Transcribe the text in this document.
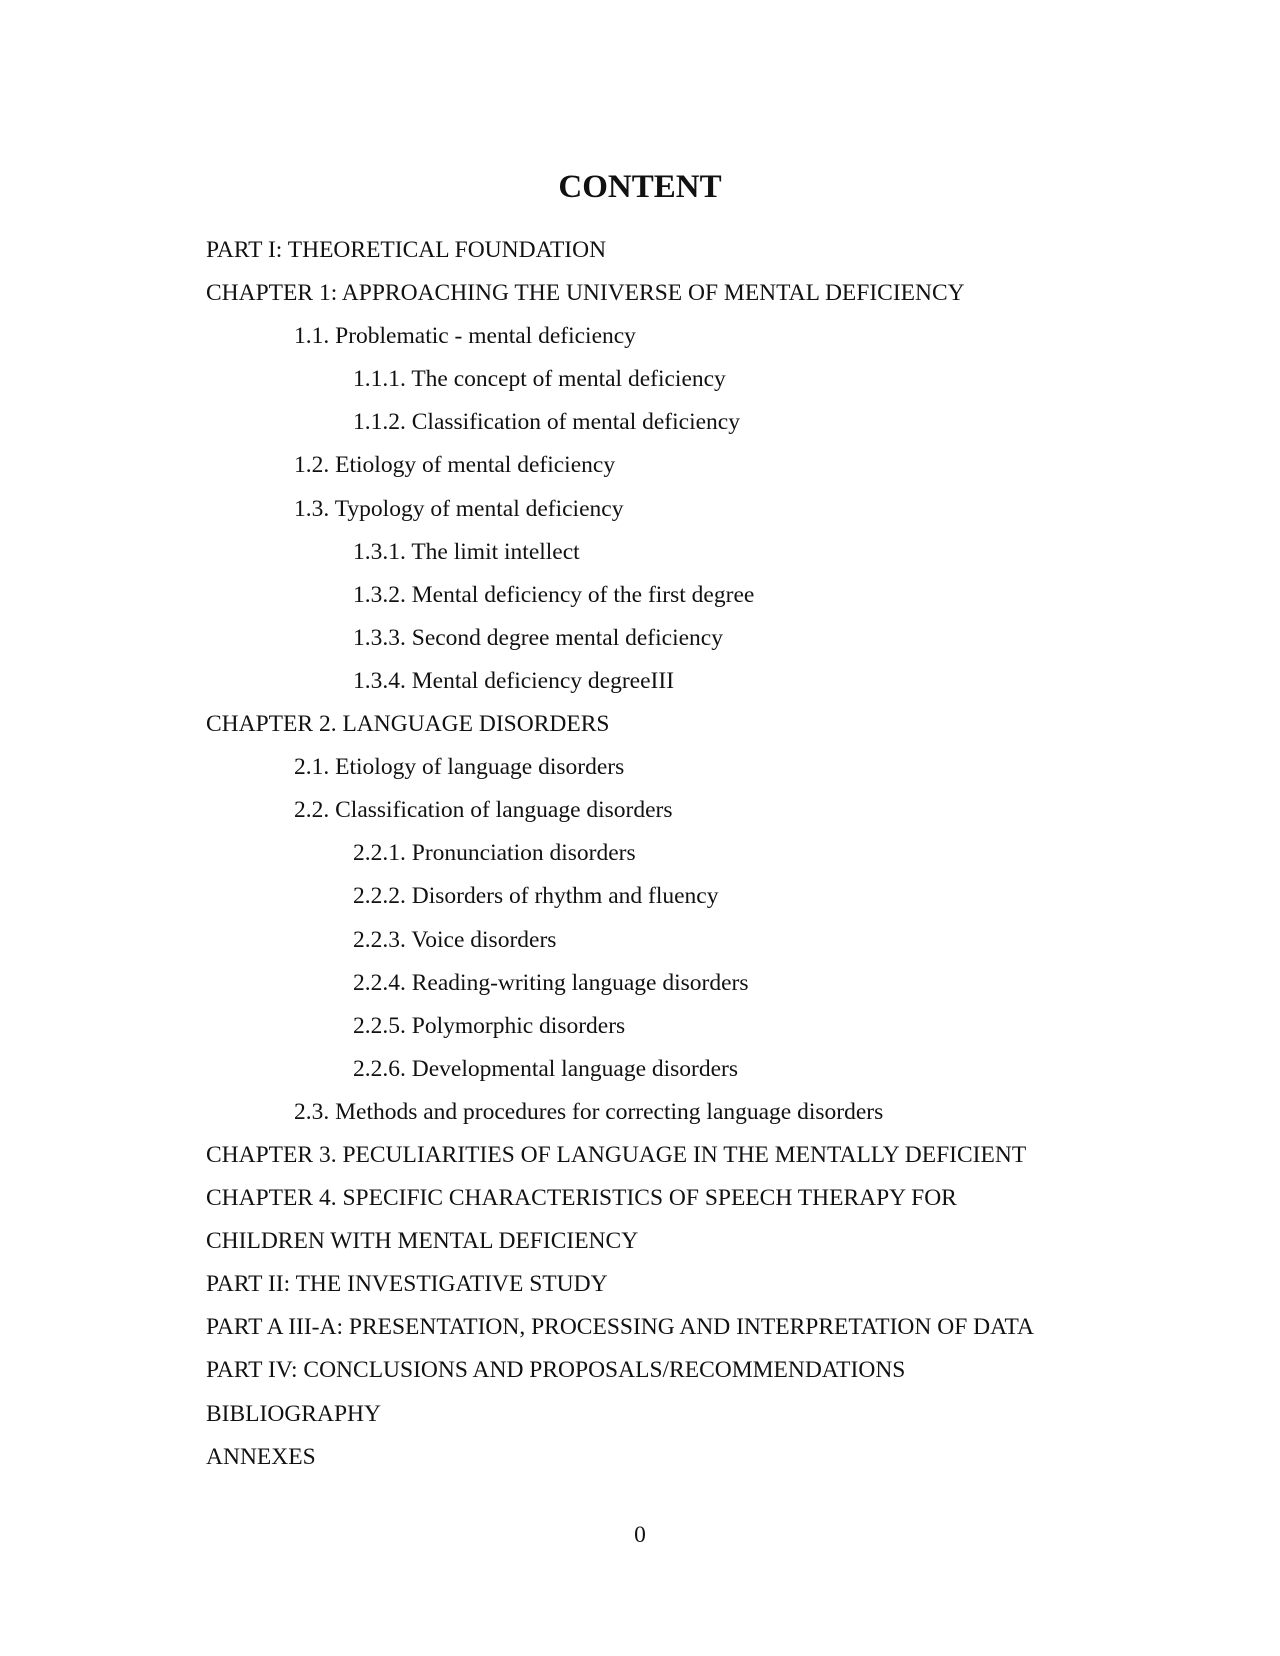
CONTENT
PART I: THEORETICAL FOUNDATION
CHAPTER 1: APPROACHING THE UNIVERSE OF MENTAL DEFICIENCY
1.1. Problematic - mental deficiency
1.1.1. The concept of mental deficiency
1.1.2. Classification of mental deficiency
1.2. Etiology of mental deficiency
1.3. Typology of mental deficiency
1.3.1. The limit intellect
1.3.2. Mental deficiency of the first degree
1.3.3. Second degree mental deficiency
1.3.4. Mental deficiency degreeIII
CHAPTER 2. LANGUAGE DISORDERS
2.1. Etiology of language disorders
2.2. Classification of language disorders
2.2.1. Pronunciation disorders
2.2.2. Disorders of rhythm and fluency
2.2.3. Voice disorders
2.2.4. Reading-writing language disorders
2.2.5. Polymorphic disorders
2.2.6. Developmental language disorders
2.3. Methods and procedures for correcting language disorders
CHAPTER 3. PECULIARITIES OF LANGUAGE IN THE MENTALLY DEFICIENT
CHAPTER 4. SPECIFIC CHARACTERISTICS OF SPEECH THERAPY FOR
CHILDREN WITH MENTAL DEFICIENCY
PART II: THE INVESTIGATIVE STUDY
PART A III-A: PRESENTATION, PROCESSING AND INTERPRETATION OF DATA
PART IV: CONCLUSIONS AND PROPOSALS/RECOMMENDATIONS
BIBLIOGRAPHY
ANNEXES
0
